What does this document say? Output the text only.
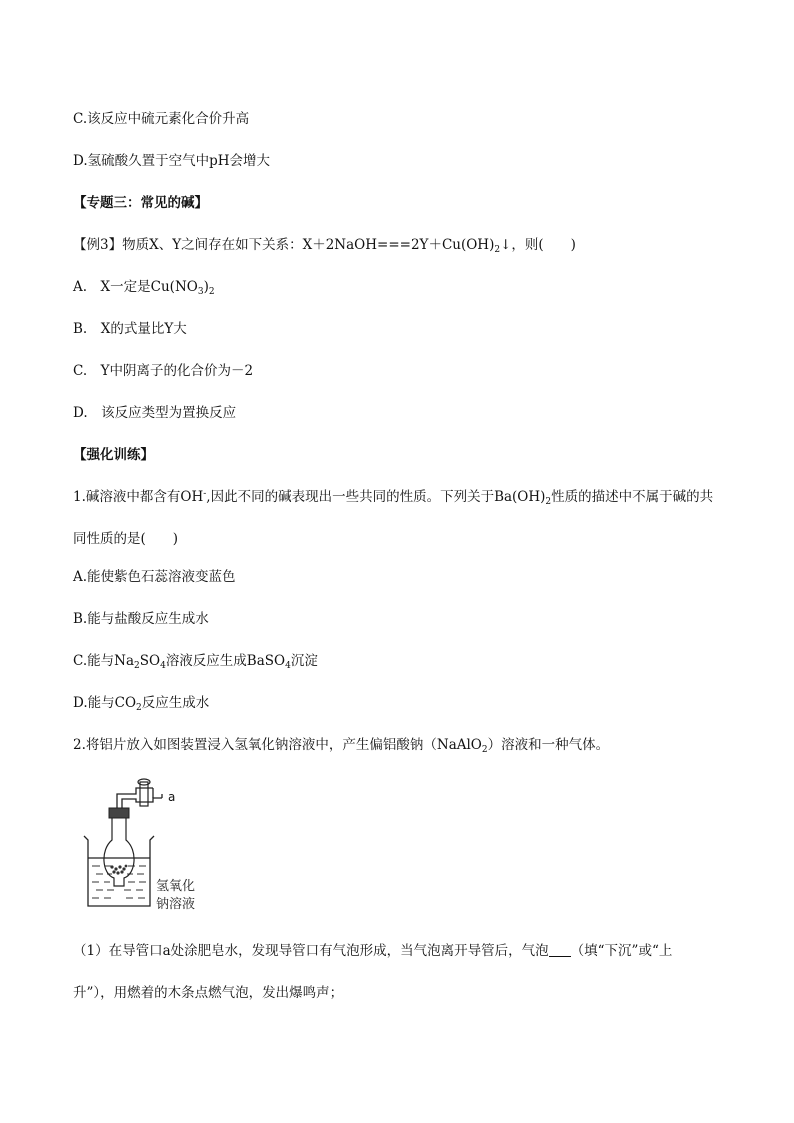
C.该反应中硫元素化合价升高
D.氢硫酸久置于空气中pH会增大
【专题三：常见的碱】
【例3】物质X、Y之间存在如下关系：$X+2NaOH===2Y+Cu(OH)_2↓$，则(　　)
A.　X一定是$Cu(NO_3)_2$
B.　X的式量比Y大
C.　Y中阴离子的化合价为－2
D.　该反应类型为置换反应
【强化训练】
1.碱溶液中都含有OH-,因此不同的碱表现出一些共同的性质。下列关于$Ba(OH)_2$性质的描述中不属于碱的共
同性质的是(　　)
A.能使紫色石蕊溶液变蓝色
B.能与盐酸反应生成水
C.能与$Na_2SO_4$溶液反应生成BaSO$_4$沉淀
D.能与$CO_2$反应生成水
2.将铝片放入如图装置浸入氢氧化钠溶液中，产生偏铝酸钠（NaAlO$_2$）溶液和一种气体。
a
氢氧化
钠溶液
（1）在导管口a处涂肥皂水，发现导管口有气泡形成，当气泡离开导管后，气泡 （填“下沉”或“上
升”），用燃着的木条点燃气泡，发出爆鸣声；
